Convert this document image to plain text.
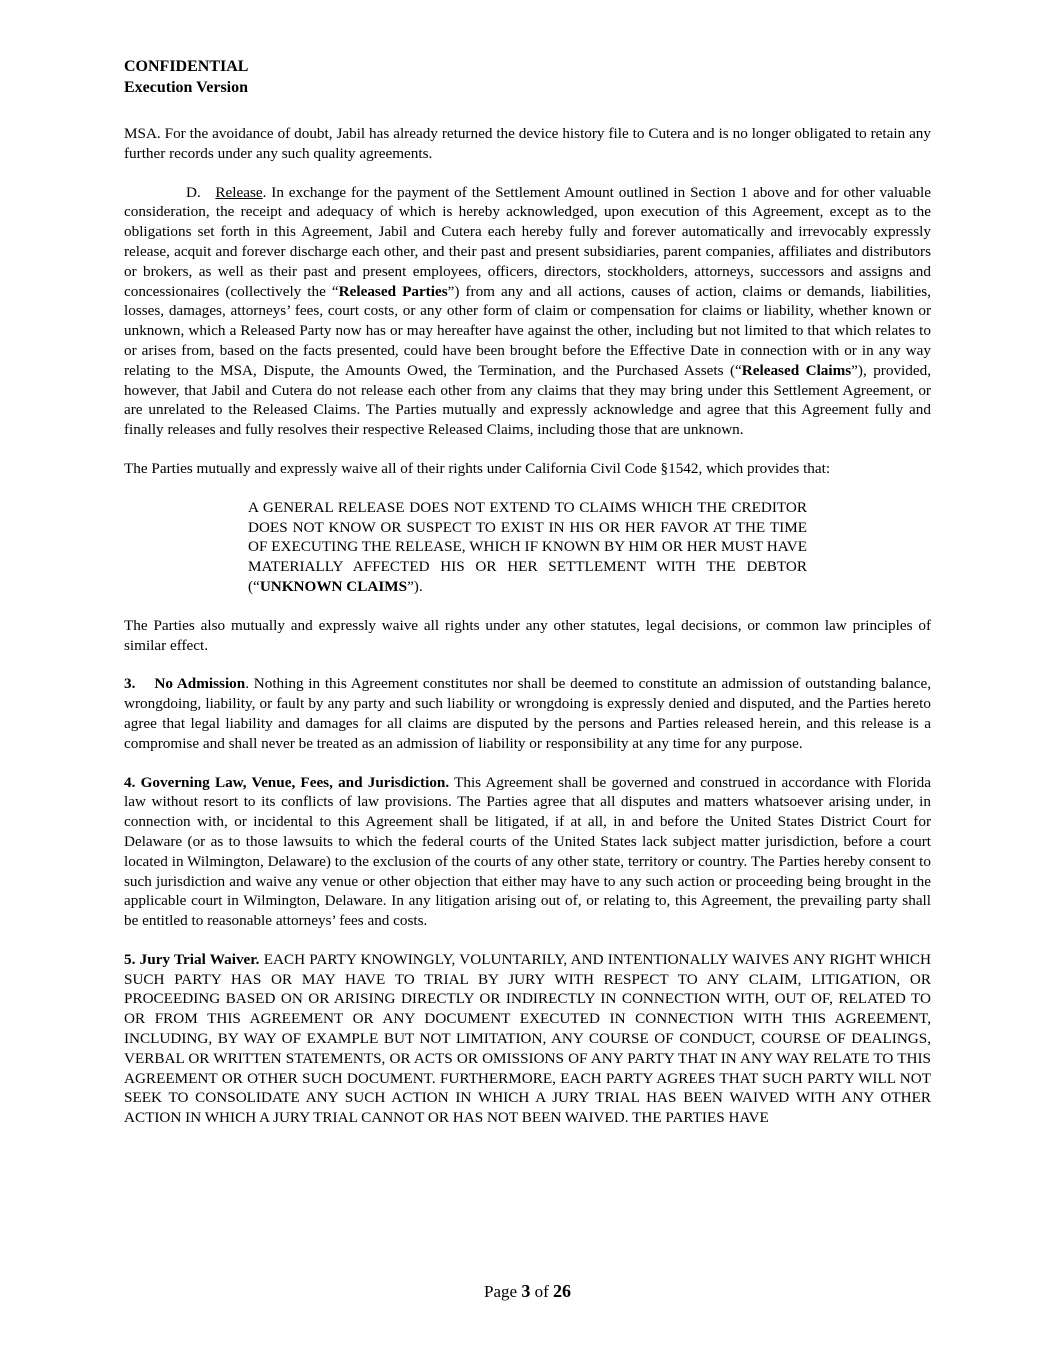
CONFIDENTIAL
Execution Version

MSA. For the avoidance of doubt, Jabil has already returned the device history file to Cutera and is no longer obligated to retain any further records under any such quality agreements.

D. Release. In exchange for the payment of the Settlement Amount outlined in Section 1 above and for other valuable consideration, the receipt and adequacy of which is hereby acknowledged, upon execution of this Agreement, except as to the obligations set forth in this Agreement, Jabil and Cutera each hereby fully and forever automatically and irrevocably expressly release, acquit and forever discharge each other, and their past and present subsidiaries, parent companies, affiliates and distributors or brokers, as well as their past and present employees, officers, directors, stockholders, attorneys, successors and assigns and concessionaires (collectively the “Released Parties”) from any and all actions, causes of action, claims or demands, liabilities, losses, damages, attorneys’ fees, court costs, or any other form of claim or compensation for claims or liability, whether known or unknown, which a Released Party now has or may hereafter have against the other, including but not limited to that which relates to or arises from, based on the facts presented, could have been brought before the Effective Date in connection with or in any way relating to the MSA, Dispute, the Amounts Owed, the Termination, and the Purchased Assets (“Released Claims”), provided, however, that Jabil and Cutera do not release each other from any claims that they may bring under this Settlement Agreement, or are unrelated to the Released Claims. The Parties mutually and expressly acknowledge and agree that this Agreement fully and finally releases and fully resolves their respective Released Claims, including those that are unknown.

The Parties mutually and expressly waive all of their rights under California Civil Code §1542, which provides that:

A GENERAL RELEASE DOES NOT EXTEND TO CLAIMS WHICH THE CREDITOR DOES NOT KNOW OR SUSPECT TO EXIST IN HIS OR HER FAVOR AT THE TIME OF EXECUTING THE RELEASE, WHICH IF KNOWN BY HIM OR HER MUST HAVE MATERIALLY AFFECTED HIS OR HER SETTLEMENT WITH THE DEBTOR (“UNKNOWN CLAIMS”).

The Parties also mutually and expressly waive all rights under any other statutes, legal decisions, or common law principles of similar effect.

3. No Admission. Nothing in this Agreement constitutes nor shall be deemed to constitute an admission of outstanding balance, wrongdoing, liability, or fault by any party and such liability or wrongdoing is expressly denied and disputed, and the Parties hereto agree that legal liability and damages for all claims are disputed by the persons and Parties released herein, and this release is a compromise and shall never be treated as an admission of liability or responsibility at any time for any purpose.

4. Governing Law, Venue, Fees, and Jurisdiction. This Agreement shall be governed and construed in accordance with Florida law without resort to its conflicts of law provisions. The Parties agree that all disputes and matters whatsoever arising under, in connection with, or incidental to this Agreement shall be litigated, if at all, in and before the United States District Court for Delaware (or as to those lawsuits to which the federal courts of the United States lack subject matter jurisdiction, before a court located in Wilmington, Delaware) to the exclusion of the courts of any other state, territory or country. The Parties hereby consent to such jurisdiction and waive any venue or other objection that either may have to any such action or proceeding being brought in the applicable court in Wilmington, Delaware. In any litigation arising out of, or relating to, this Agreement, the prevailing party shall be entitled to reasonable attorneys’ fees and costs.

5. Jury Trial Waiver. EACH PARTY KNOWINGLY, VOLUNTARILY, AND INTENTIONALLY WAIVES ANY RIGHT WHICH SUCH PARTY HAS OR MAY HAVE TO TRIAL BY JURY WITH RESPECT TO ANY CLAIM, LITIGATION, OR PROCEEDING BASED ON OR ARISING DIRECTLY OR INDIRECTLY IN CONNECTION WITH, OUT OF, RELATED TO OR FROM THIS AGREEMENT OR ANY DOCUMENT EXECUTED IN CONNECTION WITH THIS AGREEMENT, INCLUDING, BY WAY OF EXAMPLE BUT NOT LIMITATION, ANY COURSE OF CONDUCT, COURSE OF DEALINGS, VERBAL OR WRITTEN STATEMENTS, OR ACTS OR OMISSIONS OF ANY PARTY THAT IN ANY WAY RELATE TO THIS AGREEMENT OR OTHER SUCH DOCUMENT. FURTHERMORE, EACH PARTY AGREES THAT SUCH PARTY WILL NOT SEEK TO CONSOLIDATE ANY SUCH ACTION IN WHICH A JURY TRIAL HAS BEEN WAIVED WITH ANY OTHER ACTION IN WHICH A JURY TRIAL CANNOT OR HAS NOT BEEN WAIVED. THE PARTIES HAVE

Page 3 of 26
